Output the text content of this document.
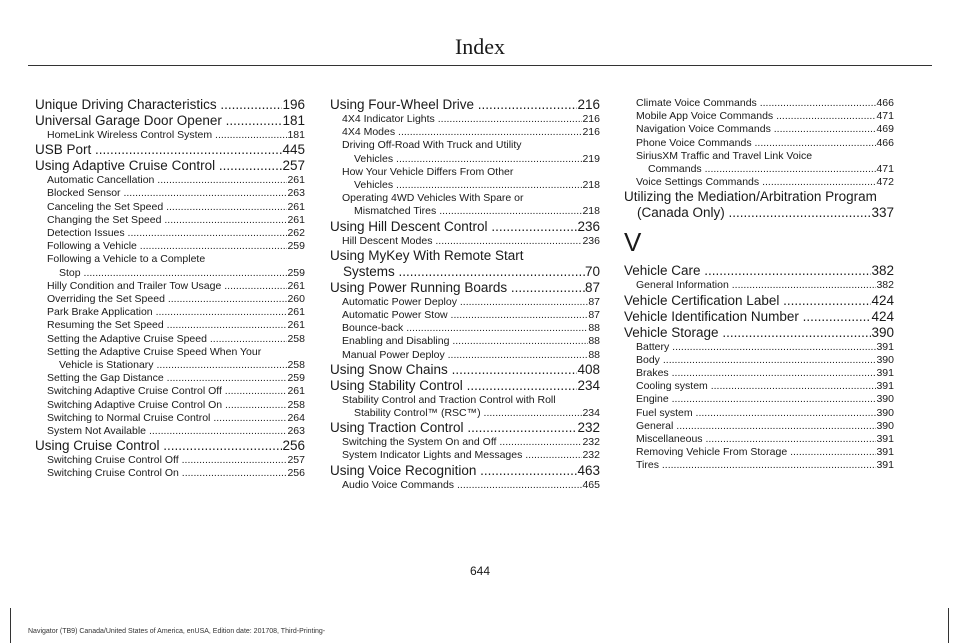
Index
Unique Driving Characteristics .....	196
Universal Garage Door Opener .....	181
HomeLink Wireless Control System .....	181
USB Port .....	445
Using Adaptive Cruise Control .....	257
Automatic Cancellation .....	261
Blocked Sensor .....	263
Canceling the Set Speed .....	261
Changing the Set Speed .....	261
Detection Issues .....	262
Following a Vehicle .....	259
Following a Vehicle to a Complete
Stop .....	259
Hilly Condition and Trailer Tow Usage .....	261
Overriding the Set Speed .....	260
Park Brake Application .....	261
Resuming the Set Speed .....	261
Setting the Adaptive Cruise Speed .....	258
Setting the Adaptive Cruise Speed When Your
Vehicle is Stationary .....	258
Setting the Gap Distance .....	259
Switching Adaptive Cruise Control Off .....	261
Switching Adaptive Cruise Control On .....	258
Switching to Normal Cruise Control .....	264
System Not Available .....	263
Using Cruise Control .....	256
Switching Cruise Control Off .....	257
Switching Cruise Control On .....	256
Using Four-Wheel Drive .....	216
4X4 Indicator Lights .....	216
4X4 Modes .....	216
Driving Off-Road With Truck and Utility
Vehicles .....	219
How Your Vehicle Differs From Other
Vehicles .....	218
Operating 4WD Vehicles With Spare or
Mismatched Tires .....	218
Using Hill Descent Control .....	236
Hill Descent Modes .....	236
Using MyKey With Remote Start
Systems .....	70
Using Power Running Boards .....	87
Automatic Power Deploy .....	87
Automatic Power Stow .....	87
Bounce-back .....	88
Enabling and Disabling .....	88
Manual Power Deploy .....	88
Using Snow Chains .....	408
Using Stability Control .....	234
Stability Control and Traction Control with Roll
Stability Control™ (RSC™) .....	234
Using Traction Control .....	232
Switching the System On and Off .....	232
System Indicator Lights and Messages .....	232
Using Voice Recognition .....	463
Audio Voice Commands .....	465
Climate Voice Commands .....	466
Mobile App Voice Commands .....	471
Navigation Voice Commands .....	469
Phone Voice Commands .....	466
SiriusXM Traffic and Travel Link Voice
Commands .....	471
Voice Settings Commands .....	472
Utilizing the Mediation/Arbitration Program
(Canada Only) .....	337
V
Vehicle Care .....	382
General Information .....	382
Vehicle Certification Label .....	424
Vehicle Identification Number .....	424
Vehicle Storage .....	390
Battery .....	391
Body .....	390
Brakes .....	391
Cooling system .....	391
Engine .....	390
Fuel system .....	390
General .....	390
Miscellaneous .....	391
Removing Vehicle From Storage .....	391
Tires .....	391
644
Navigator (TB9) Canada/United States of America, enUSA, Edition date: 201708, Third-Printing-
